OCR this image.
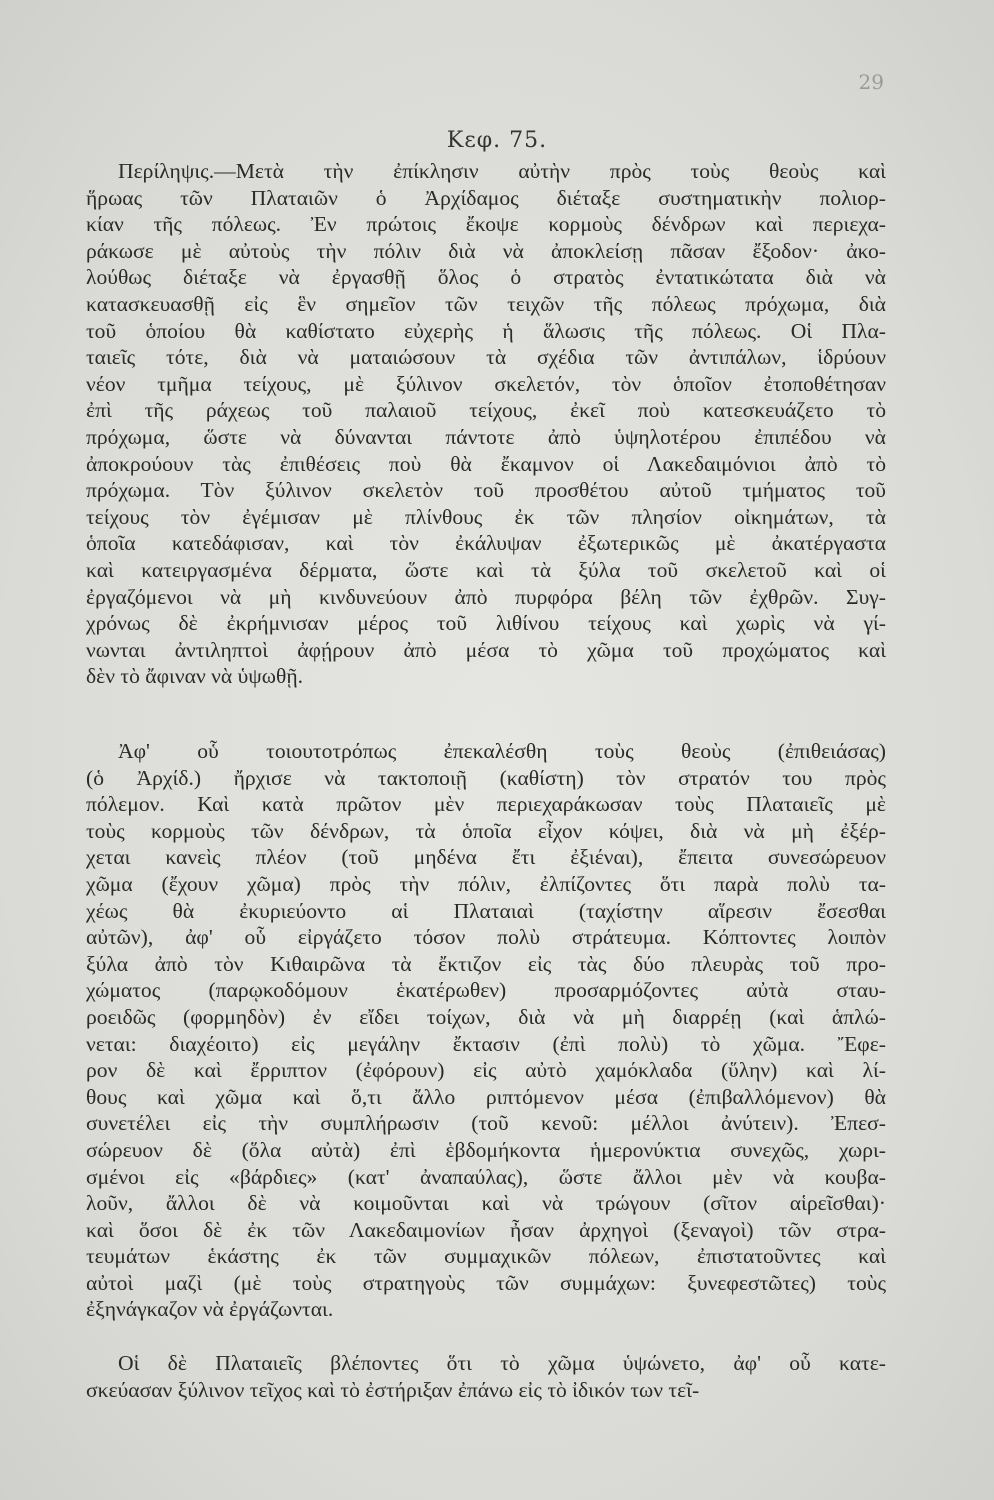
29
Κεφ. 75.
Περίληψις.—Μετὰ τὴν ἐπίκλησιν αὐτὴν πρὸς τοὺς θεοὺς καὶ
ἥρωας τῶν Πλαταιῶν ὁ Ἀρχίδαμος διέταξε συστηματικὴν πολιορ-
κίαν τῆς πόλεως. Ἐν πρώτοις ἔκοψε κορμοὺς δένδρων καὶ περιεχα-
ράκωσε μὲ αὐτοὺς τὴν πόλιν διὰ νὰ ἀποκλείσῃ πᾶσαν ἔξοδον· ἀκο-
λούθως διέταξε νὰ ἐργασθῇ ὅλος ὁ στρατὸς ἐντατικώτατα διὰ νὰ
κατασκευασθῇ εἰς ἓν σημεῖον τῶν τειχῶν τῆς πόλεως πρόχωμα, διὰ
τοῦ ὁποίου θὰ καθίστατο εὐχερὴς ἡ ἅλωσις τῆς πόλεως. Οἱ Πλα-
ταιεῖς τότε, διὰ νὰ ματαιώσουν τὰ σχέδια τῶν ἀντιπάλων, ἱδρύουν
νέον τμῆμα τείχους, μὲ ξύλινον σκελετόν, τὸν ὁποῖον ἐτοποθέτησαν
ἐπὶ τῆς ράχεως τοῦ παλαιοῦ τείχους, ἐκεῖ ποὺ κατεσκευάζετο τὸ
πρόχωμα, ὥστε νὰ δύνανται πάντοτε ἀπὸ ὑψηλοτέρου ἐπιπέδου νὰ
ἀποκρούουν τὰς ἐπιθέσεις ποὺ θὰ ἔκαμνον οἱ Λακεδαιμόνιοι ἀπὸ τὸ
πρόχωμα. Τὸν ξύλινον σκελετὸν τοῦ προσθέτου αὐτοῦ τμήματος τοῦ
τείχους τὸν ἐγέμισαν μὲ πλίνθους ἐκ τῶν πλησίον οἰκημάτων, τὰ
ὁποῖα κατεδάφισαν, καὶ τὸν ἐκάλυψαν ἐξωτερικῶς μὲ ἀκατέργαστα
καὶ κατειργασμένα δέρματα, ὥστε καὶ τὰ ξύλα τοῦ σκελετοῦ καὶ οἱ
ἐργαζόμενοι νὰ μὴ κινδυνεύουν ἀπὸ πυρφόρα βέλη τῶν ἐχθρῶν. Συγ-
χρόνως δὲ ἐκρήμνισαν μέρος τοῦ λιθίνου τείχους καὶ χωρὶς νὰ γί-
νωνται ἀντιληπτοὶ ἀφῄρουν ἀπὸ μέσα τὸ χῶμα τοῦ προχώματος καὶ
δὲν τὸ ἄφιναν νὰ ὑψωθῇ.
Ἀφ' οὗ τοιουτοτρόπως ἐπεκαλέσθη τοὺς θεοὺς (ἐπιθειάσας)
(ὁ Ἀρχίδ.) ἤρχισε νὰ τακτοποιῇ (καθίστη) τὸν στρατόν του πρὸς
πόλεμον. Καὶ κατὰ πρῶτον μὲν περιεχαράκωσαν τοὺς Πλαταιεῖς μὲ
τοὺς κορμοὺς τῶν δένδρων, τὰ ὁποῖα εἶχον κόψει, διὰ νὰ μὴ ἐξέρ-
χεται κανεὶς πλέον (τοῦ μηδένα ἔτι ἐξιέναι), ἔπειτα συνεσώρευον
χῶμα (ἔχουν χῶμα) πρὸς τὴν πόλιν, ἐλπίζοντες ὅτι παρὰ πολὺ τα-
χέως θὰ ἐκυριεύοντο αἱ Πλαταιαὶ (ταχίστην αἵρεσιν ἔσεσθαι
αὐτῶν), ἀφ' οὗ εἰργάζετο τόσον πολὺ στράτευμα. Κόπτοντες λοιπὸν
ξύλα ἀπὸ τὸν Κιθαιρῶνα τὰ ἔκτιζον εἰς τὰς δύο πλευρὰς τοῦ προ-
χώματος (παρῳκοδόμουν ἑκατέρωθεν) προσαρμόζοντες αὐτὰ σταυ-
ροειδῶς (φορμηδὸν) ἐν εἴδει τοίχων, διὰ νὰ μὴ διαρρέῃ (καὶ ἁπλώ-
νεται: διαχέοιτο) εἰς μεγάλην ἔκτασιν (ἐπὶ πολὺ) τὸ χῶμα. Ἔφε-
ρον δὲ καὶ ἔρριπτον (ἐφόρουν) εἰς αὐτὸ χαμόκλαδα (ὕλην) καὶ λί-
θους καὶ χῶμα καὶ ὅ,τι ἄλλο ριπτόμενον μέσα (ἐπιβαλλόμενον) θὰ
συνετέλει εἰς τὴν συμπλήρωσιν (τοῦ κενοῦ: μέλλοι ἀνύτειν). Ἐπεσ-
σώρευον δὲ (ὅλα αὐτὰ) ἐπὶ ἑβδομήκοντα ἡμερονύκτια συνεχῶς, χωρι-
σμένοι εἰς «βάρδιες» (κατ' ἀναπαύλας), ὥστε ἄλλοι μὲν νὰ κουβα-
λοῦν, ἄλλοι δὲ νὰ κοιμοῦνται καὶ νὰ τρώγουν (σῖτον αἱρεῖσθαι)·
καὶ ὅσοι δὲ ἐκ τῶν Λακεδαιμονίων ἦσαν ἀρχηγοὶ (ξεναγοὶ) τῶν στρα-
τευμάτων ἑκάστης ἐκ τῶν συμμαχικῶν πόλεων, ἐπιστατοῦντες καὶ
αὐτοὶ μαζὶ (μὲ τοὺς στρατηγοὺς τῶν συμμάχων: ξυνεφεστῶτες) τοὺς
ἐξηνάγκαζον νὰ ἐργάζωνται.
Οἱ δὲ Πλαταιεῖς βλέποντες ὅτι τὸ χῶμα ὑψώνετο, ἀφ' οὗ κατε-
σκεύασαν ξύλινον τεῖχος καὶ τὸ ἐστήριξαν ἐπάνω εἰς τὸ ἰδικόν των τεῖ-
